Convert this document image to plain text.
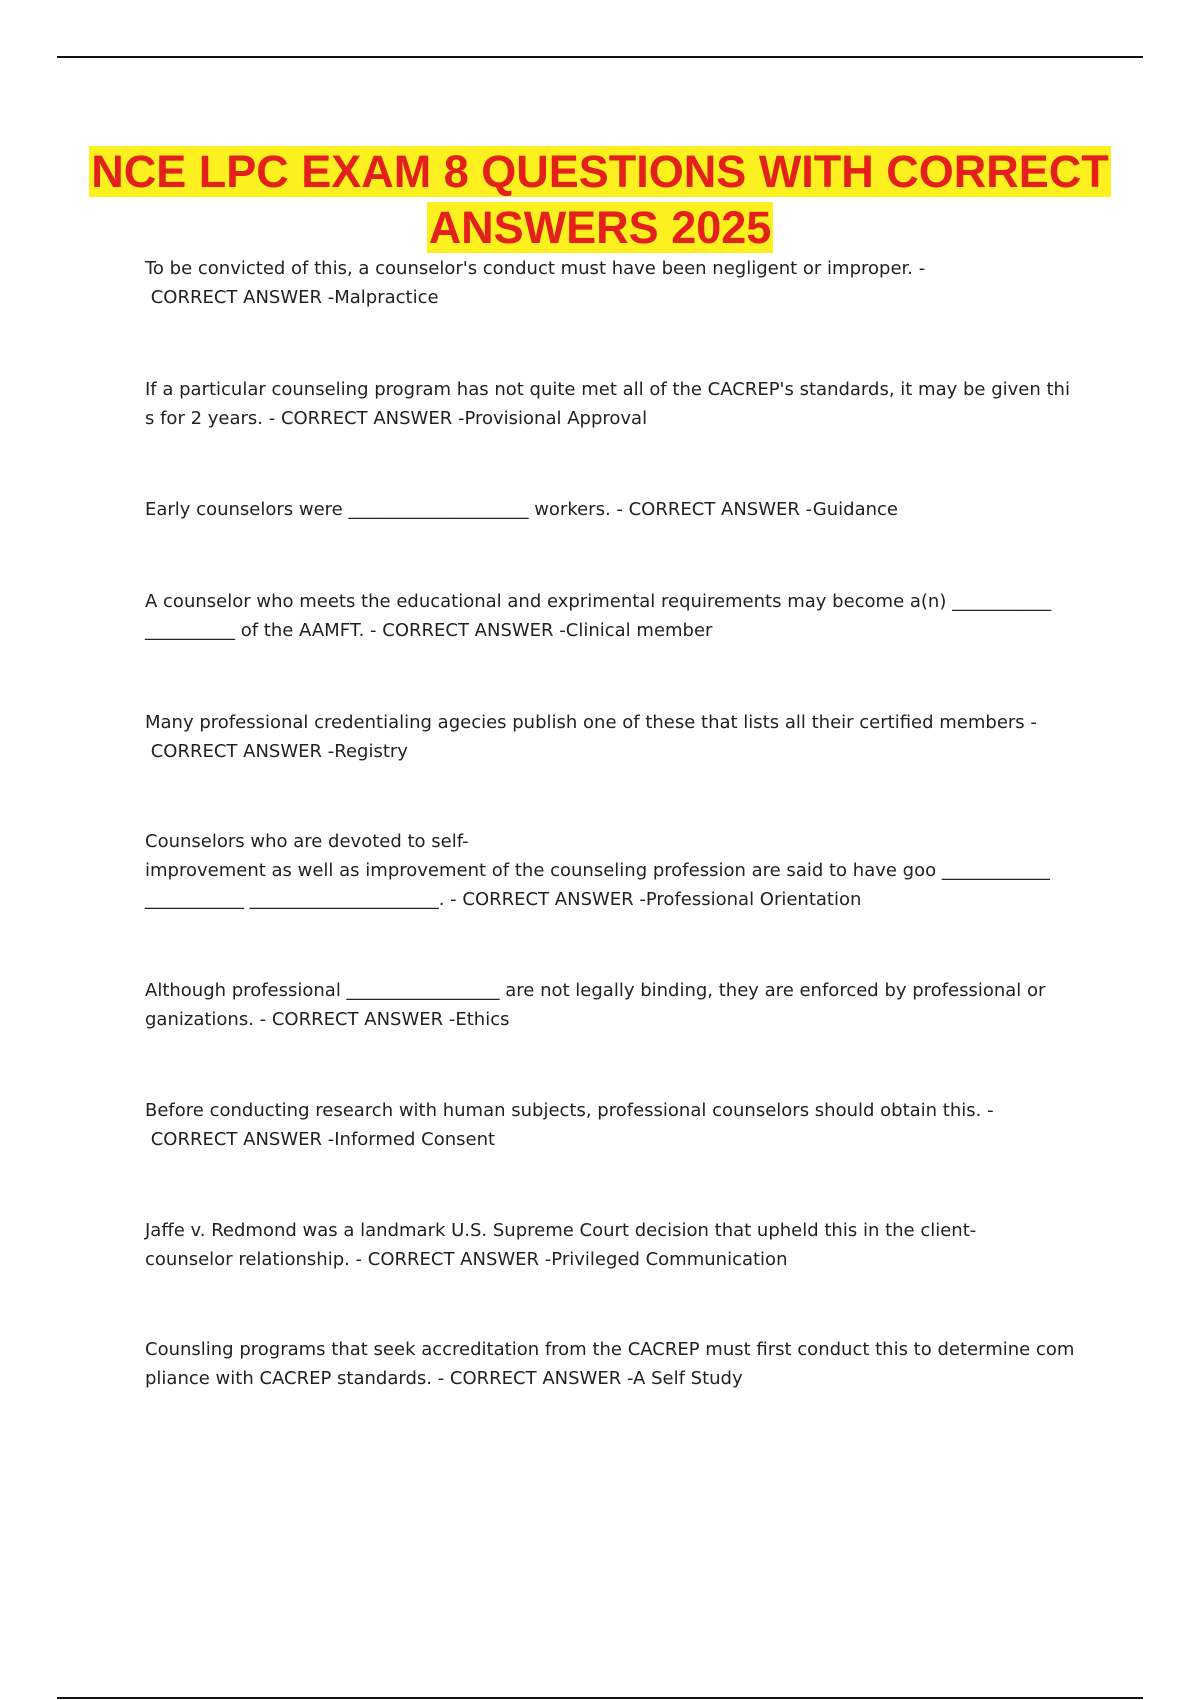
NCE LPC EXAM 8 QUESTIONS WITH CORRECT ANSWERS 2025
To be convicted of this, a counselor's conduct must have been negligent or improper. -
CORRECT ANSWER -Malpractice
If a particular counseling program has not quite met all of the CACREP's standards, it may be given thi
s for 2 years. - CORRECT ANSWER -Provisional Approval
Early counselors were ____________________ workers. - CORRECT ANSWER -Guidance
A counselor who meets the educational and exprimental requirements may become a(n) ___________
__________ of the AAMFT. - CORRECT ANSWER -Clinical member
Many professional credentialing agecies publish one of these that lists all their certified members -
CORRECT ANSWER -Registry
Counselors who are devoted to self-
improvement as well as improvement of the counseling profession are said to have goo ____________
___________ _____________________. - CORRECT ANSWER -Professional Orientation
Although professional _________________ are not legally binding, they are enforced by professional or
ganizations. - CORRECT ANSWER -Ethics
Before conducting research with human subjects, professional counselors should obtain this. -
CORRECT ANSWER -Informed Consent
Jaffe v. Redmond was a landmark U.S. Supreme Court decision that upheld this in the client-
counselor relationship. - CORRECT ANSWER -Privileged Communication
Counsling programs that seek accreditation from the CACREP must first conduct this to determine com
pliance with CACREP standards. - CORRECT ANSWER -A Self Study
